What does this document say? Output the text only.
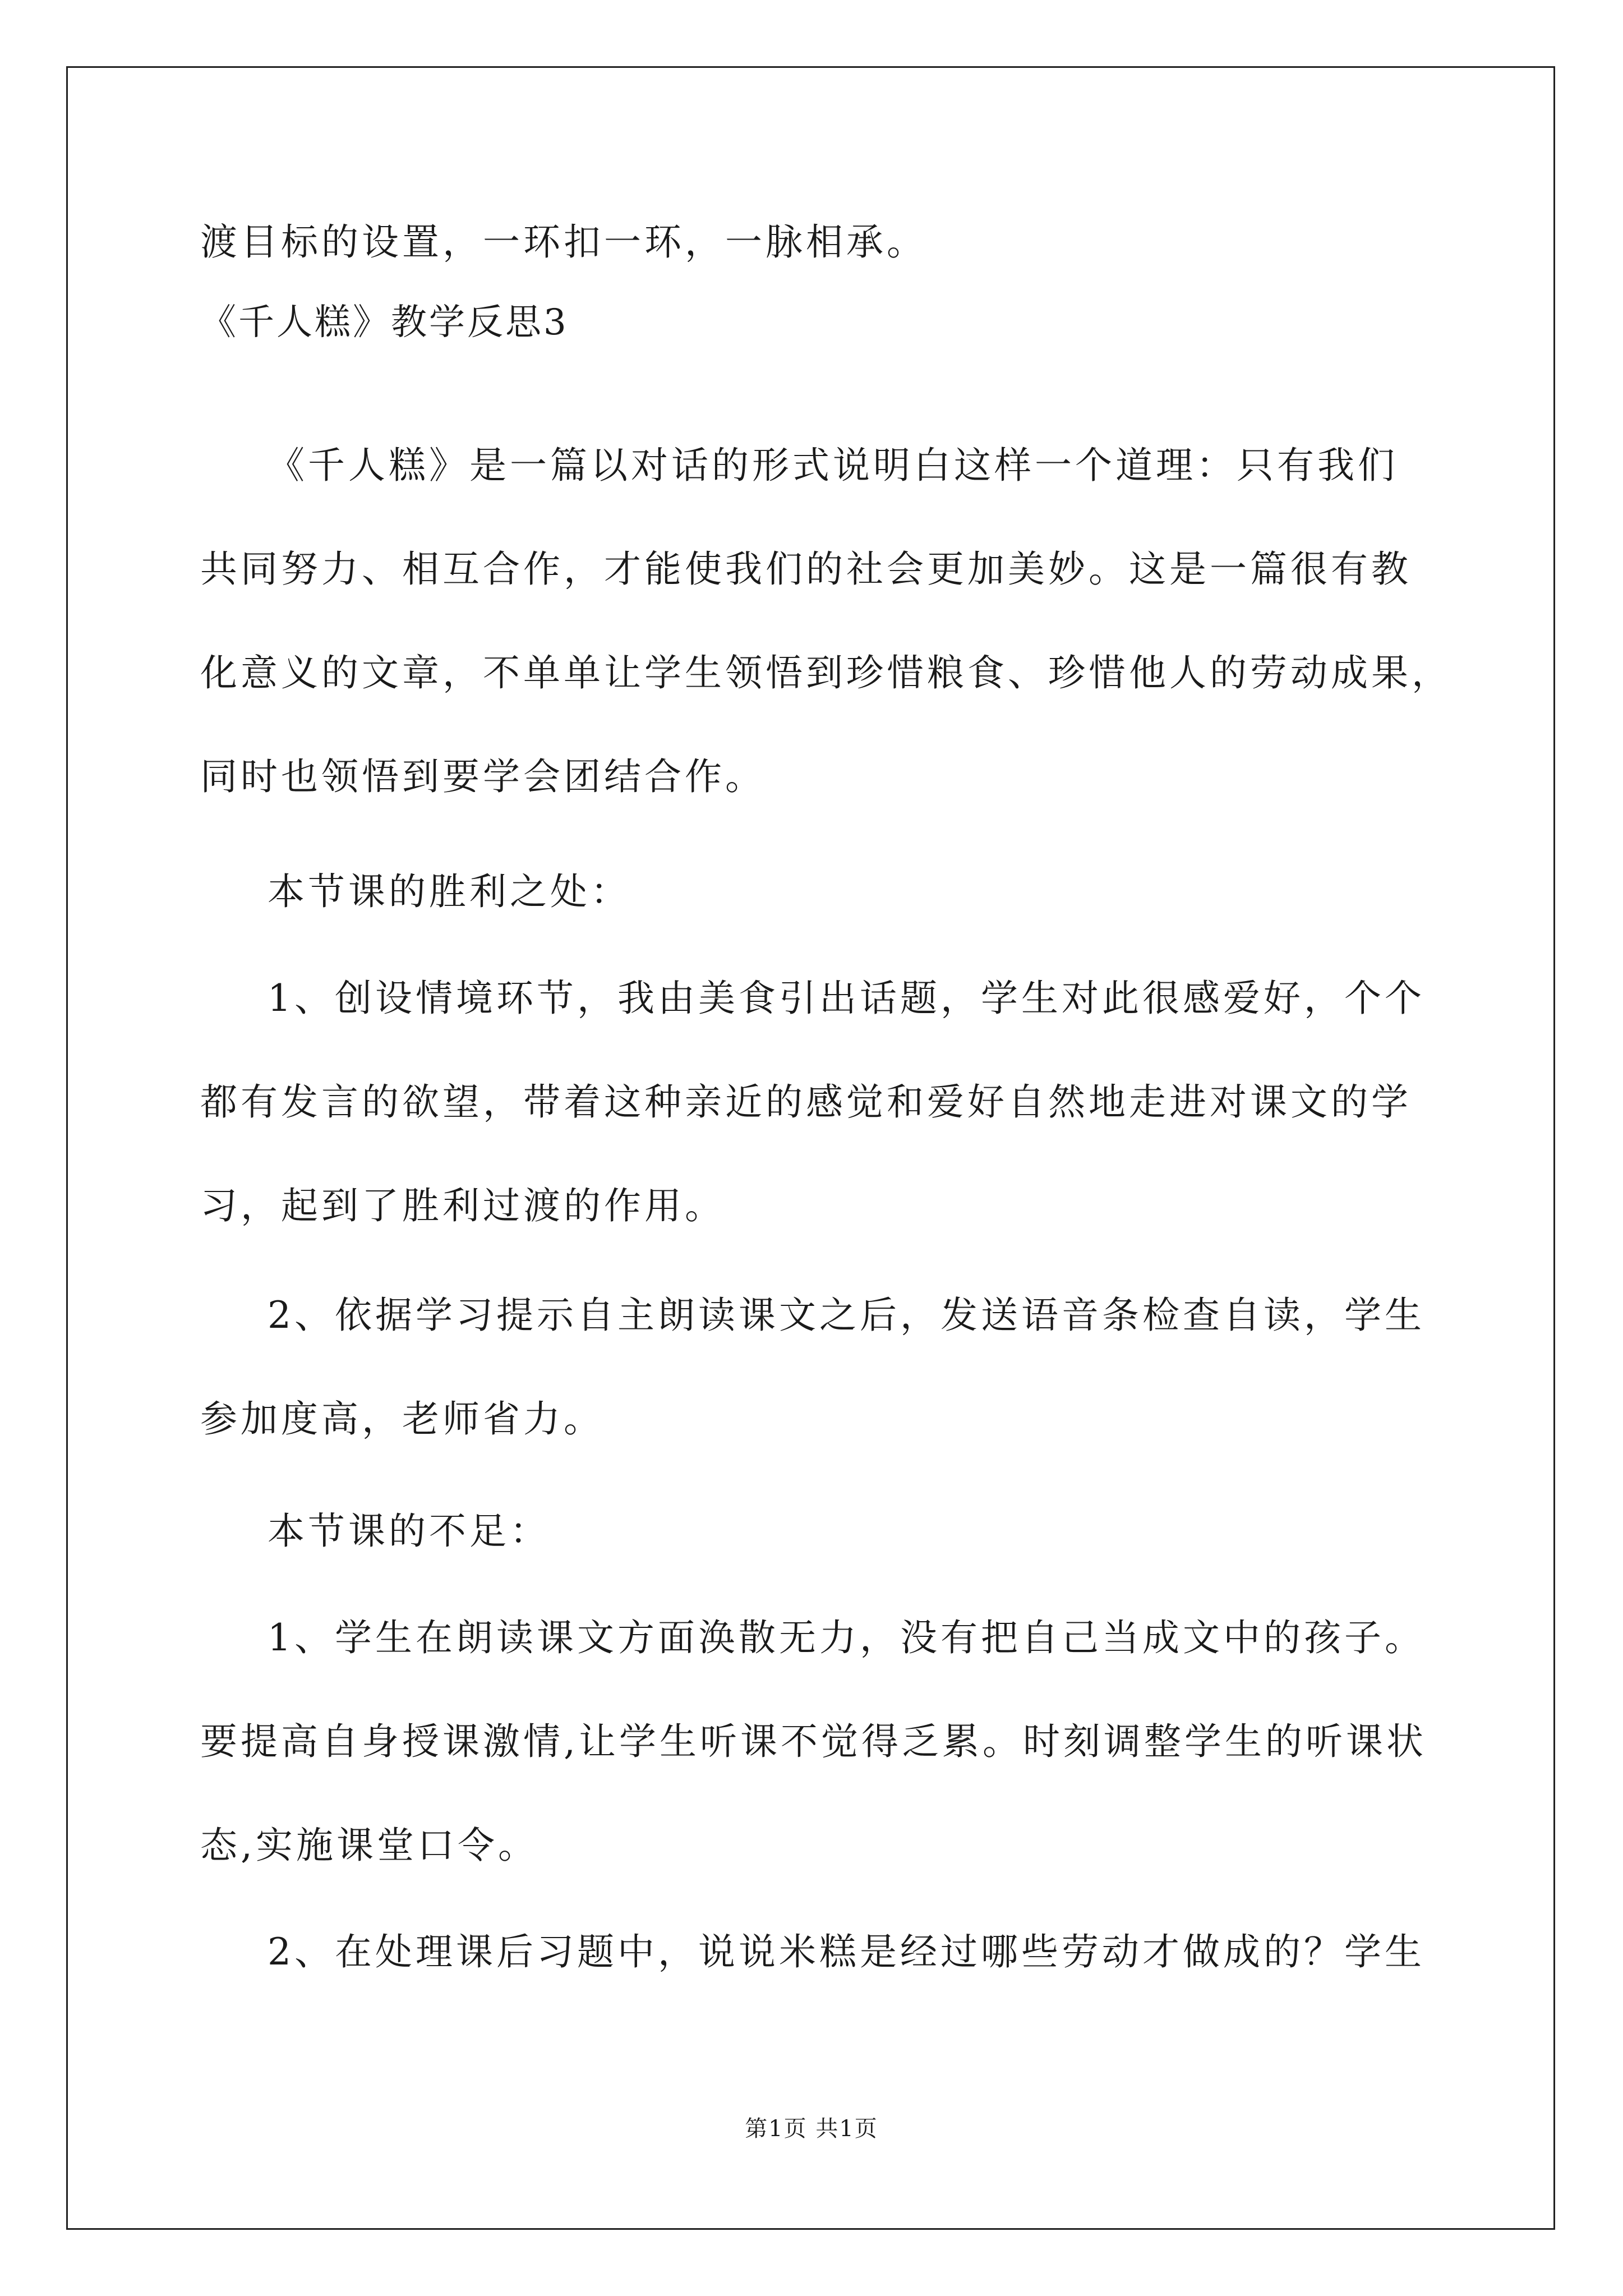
渡目标的设置，一环扣一环，一脉相承。
《千人糕》教学反思3
《千人糕》是一篇以对话的形式说明白这样一个道理：只有我们
共同努力、相互合作，才能使我们的社会更加美妙。这是一篇很有教
化意义的文章，不单单让学生领悟到珍惜粮食、珍惜他人的劳动成果，
同时也领悟到要学会团结合作。
本节课的胜利之处：
1、创设情境环节，我由美食引出话题，学生对此很感爱好，个个
都有发言的欲望，带着这种亲近的感觉和爱好自然地走进对课文的学
习，起到了胜利过渡的作用。
2、依据学习提示自主朗读课文之后，发送语音条检查自读，学生
参加度高，老师省力。
本节课的不足：
1、学生在朗读课文方面涣散无力，没有把自己当成文中的孩子。
要提高自身授课激情,让学生听课不觉得乏累。时刻调整学生的听课状
态,实施课堂口令。
2、在处理课后习题中，说说米糕是经过哪些劳动才做成的？学生
第1页 共1页
